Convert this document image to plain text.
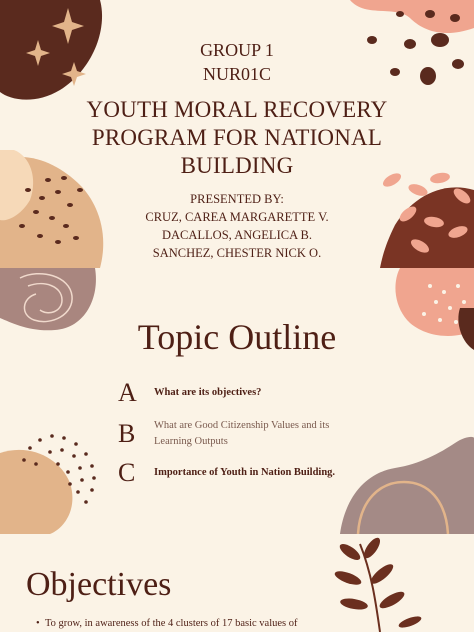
GROUP 1
NUR01C
YOUTH MORAL RECOVERY
PROGRAM FOR NATIONAL
BUILDING
PRESENTED BY:
CRUZ, CAREA MARGARETTE V.
DACALLOS, ANGELICA B.
SANCHEZ, CHESTER NICK O.
Topic Outline
A	What are its objectives?
B	What are Good Citizenship Values and its Learning Outputs
C	Importance of Youth in Nation Building.
Objectives
•  To grow, in awareness of the 4 clusters of 17 basic values of
